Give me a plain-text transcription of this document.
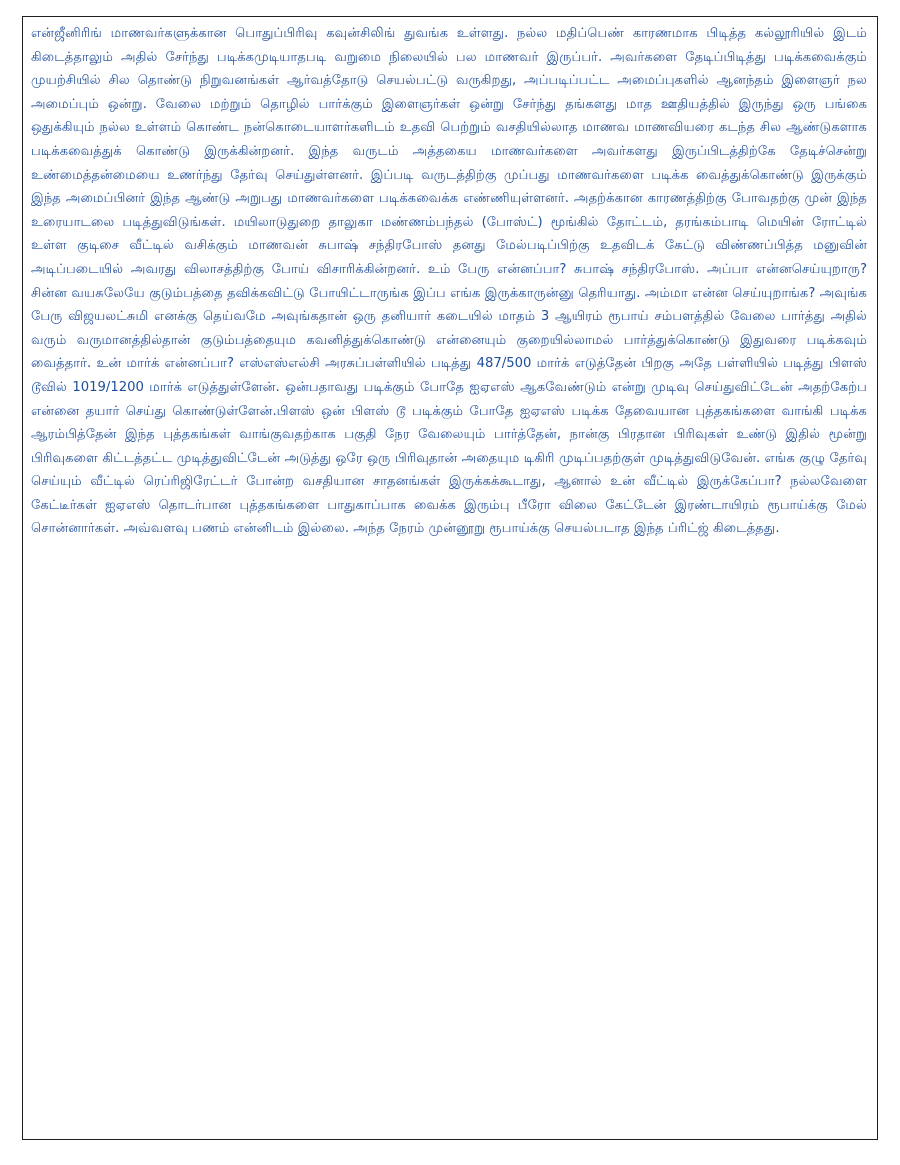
என்ஜீனிரிங் மாணவர்களுக்கான பொதுப்பிரிவு கவுன்சிலிங் துவங்க உள்ளது. நல்ல மதிப்பெண் காரணமாக பிடித்த கல்லூரியில் இடம் கிடைத்தாலும் அதில் சேர்ந்து படிக்கமுடியாதபடி வறுமை நிலையில் பல மாணவர் இருப்பர். அவர்களை தேடிப்பிடித்து படிக்கவைக்கும் முயற்சியில் சில தொண்டு நிறுவனங்கள் ஆர்வத்தோடு செயல்பட்டு வருகிறது, அப்படிப்பட்ட அமைப்புகளில் ஆனந்தம் இளைஞர் நல அமைப்பும் ஒன்று. வேலை மற்றும் தொழில் பார்க்கும் இளைஞர்கள் ஒன்று சேர்ந்து தங்களது மாத ஊதியத்தில் இருந்து ஒரு பங்கை ஒதுக்கியும் நல்ல உள்ளம் கொண்ட நன்கொடையாளர்களிடம் உதவி பெற்றும் வசதியில்லாத மாணவ மாணவியரை கடந்த சில ஆண்டுகளாக படிக்கவைத்துக் கொண்டு இருக்கின்றனர். இந்த வருடம் அத்தகைய மாணவர்களை அவர்களது இருப்பிடத்திற்கே தேடிச்சென்று உண்மைத்தன்மையை உணர்ந்து தேர்வு செய்துள்ளனர். இப்படி வருடத்திற்கு முப்பது மாணவர்களை படிக்க வைத்துக்கொண்டு இருக்கும் இந்த அமைப்பினர் இந்த ஆண்டு அறுபது மாணவர்களை படிக்கவைக்க எண்ணியுள்ளனர். அதற்க்கான காரணத்திற்கு போவதற்கு முன் இந்த உரையாடலை படித்துவிடுங்கள். மயிலாடுதுறை தாலுகா மண்ணம்பந்தல் (போஸ்ட்) மூங்கில் தோட்டம், தரங்கம்பாடி மெயின் ரோட்டில் உள்ள குடிசை வீட்டில் வசிக்கும் மாணவன் சுபாஷ் சந்திரபோஸ் தனது மேல்படிப்பிற்கு உதவிடக் கேட்டு விண்ணப்பித்த மனுவின் அடிப்படையில் அவரது விலாசத்திற்கு போய் விசாரிக்கின்றனர். உம் பேரு என்னப்பா? சுபாஷ் சந்திரபோஸ். அப்பா என்னசெய்யுறாரு? சின்ன வயசுலேயே குடும்பத்தை தவிக்கவிட்டு போயிட்டாருங்க இப்ப எங்க இருக்காருன்னு தெரியாது. அம்மா என்ன செய்யுறாங்க? அவுங்க பேரு விஜயலட்சுமி எனக்கு தெய்வமே அவுங்கதான் ஒரு தனியார் கடையில் மாதம் 3 ஆயிரம் ரூபாய் சம்பளத்தில் வேலை பார்த்து அதில் வரும் வருமானத்தில்தான் குடும்பத்தையும கவனித்துக்கொண்டு என்னையும் குறையில்லாமல் பார்த்துக்கொண்டு இதுவரை படிக்கவும் வைத்தார். உன் மார்க் என்னப்பா? எஸ்எஸ்எல்சி அரசுப்பள்ளியில் படித்து 487/500 மார்க் எடுத்தேன் பிறகு அதே பள்ளியில் படித்து பிளஸ் டூவில் 1019/1200 மார்க் எடுத்துள்ளேன். ஒன்பதாவது படிக்கும் போதே ஐஏஎஸ் ஆகவேண்டும் என்று முடிவு செய்துவிட்டேன் அதற்கேற்ப என்னை தயார் செய்து கொண்டுள்ளேன்.பிளஸ் ஒன் பிளஸ் டூ படிக்கும் போதே ஐஏஎஸ் படிக்க தேவையான புத்தகங்களை வாங்கி படிக்க ஆரம்பித்தேன் இந்த புத்தகங்கள் வாங்குவதற்காக பகுதி நேர வேலையும் பார்த்தேன், நான்கு பிரதான பிரிவுகள் உண்டு இதில் மூன்று பிரிவுகளை கிட்டத்தட்ட முடித்துவிட்டேன் அடுத்து ஒரே ஒரு பிரிவுதான் அதையும டிகிரி முடிப்பதற்குள் முடித்துவிடுவேன். எங்க குழு தேர்வு செய்யும் வீட்டில் ரெப்ரிஜிரேட்டர் போன்ற வசதியான சாதனங்கள் இருக்கக்கூடாது, ஆனால் உன் வீட்டில் இருக்கேப்பா? நல்லவேளை கேட்டீர்கள் ஐஏஎஸ் தொடர்பான புத்தகங்களை பாதுகாப்பாக வைக்க இரும்பு பீரோ விலை கேட்டேன் இரண்டாயிரம் ரூபாய்க்கு மேல் சொன்னார்கள். அவ்வளவு பணம் என்னிடம் இல்லை. அந்த நேரம் முன்னூறு ரூபாய்க்கு செயல்படாத இந்த ப்ரிட்ஜ் கிடைத்தது.
